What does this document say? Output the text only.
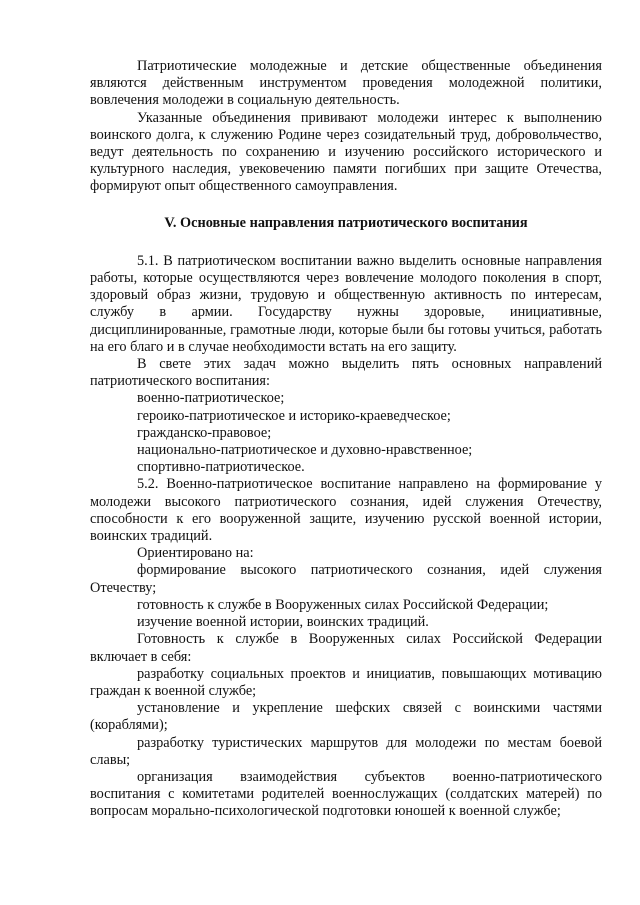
Патриотические молодежные и детские общественные объединения являются действенным инструментом проведения молодежной политики, вовлечения молодежи в социальную деятельность.

Указанные объединения прививают молодежи интерес к выполнению воинского долга, к служению Родине через созидательный труд, добровольчество, ведут деятельность по сохранению и изучению российского исторического и культурного наследия, увековечению памяти погибших при защите Отечества, формируют опыт общественного самоуправления.

V. Основные направления патриотического воспитания

5.1. В патриотическом воспитании важно выделить основные направления работы, которые осуществляются через вовлечение молодого поколения в спорт, здоровый образ жизни, трудовую и общественную активность по интересам, службу в армии. Государству нужны здоровые, инициативные, дисциплинированные, грамотные люди, которые были бы готовы учиться, работать на его благо и в случае необходимости встать на его защиту.

В свете этих задач можно выделить пять основных направлений патриотического воспитания:

военно-патриотическое;

героико-патриотическое и историко-краеведческое;

гражданско-правовое;

национально-патриотическое и духовно-нравственное;

спортивно-патриотическое.

5.2. Военно-патриотическое воспитание направлено на формирование у молодежи высокого патриотического сознания, идей служения Отечеству, способности к его вооруженной защите, изучению русской военной истории, воинских традиций.

Ориентировано на:

формирование высокого патриотического сознания, идей служения Отечеству;

готовность к службе в Вооруженных силах Российской Федерации;

изучение военной истории, воинских традиций.

Готовность к службе в Вооруженных силах Российской Федерации включает в себя:

разработку социальных проектов и инициатив, повышающих мотивацию граждан к военной службе;

установление и укрепление шефских связей с воинскими частями (кораблями);

разработку туристических маршрутов для молодежи по местам боевой славы;

организация взаимодействия субъектов военно-патриотического воспитания с комитетами родителей военнослужащих (солдатских матерей) по вопросам морально-психологической подготовки юношей к военной службе;
